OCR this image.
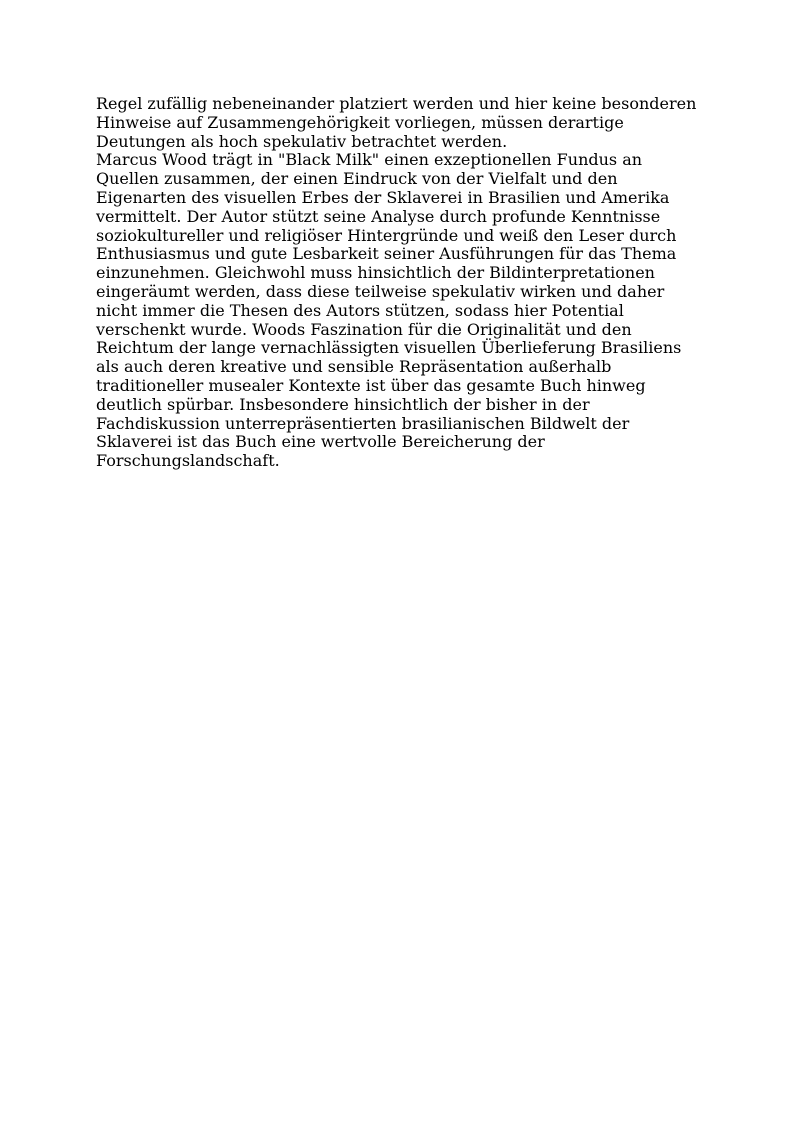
Regel zufällig nebeneinander platziert werden und hier keine besonderen
Hinweise auf Zusammengehörigkeit vorliegen, müssen derartige
Deutungen als hoch spekulativ betrachtet werden.
Marcus Wood trägt in "Black Milk" einen exzeptionellen Fundus an
Quellen zusammen, der einen Eindruck von der Vielfalt und den
Eigenarten des visuellen Erbes der Sklaverei in Brasilien und Amerika
vermittelt. Der Autor stützt seine Analyse durch profunde Kenntnisse
soziokultureller und religiöser Hintergründe und weiß den Leser durch
Enthusiasmus und gute Lesbarkeit seiner Ausführungen für das Thema
einzunehmen. Gleichwohl muss hinsichtlich der Bildinterpretationen
eingeräumt werden, dass diese teilweise spekulativ wirken und daher
nicht immer die Thesen des Autors stützen, sodass hier Potential
verschenkt wurde. Woods Faszination für die Originalität und den
Reichtum der lange vernachlässigten visuellen Überlieferung Brasiliens
als auch deren kreative und sensible Repräsentation außerhalb
traditioneller musealer Kontexte ist über das gesamte Buch hinweg
deutlich spürbar. Insbesondere hinsichtlich der bisher in der
Fachdiskussion unterrepräsentierten brasilianischen Bildwelt der
Sklaverei ist das Buch eine wertvolle Bereicherung der
Forschungslandschaft.
